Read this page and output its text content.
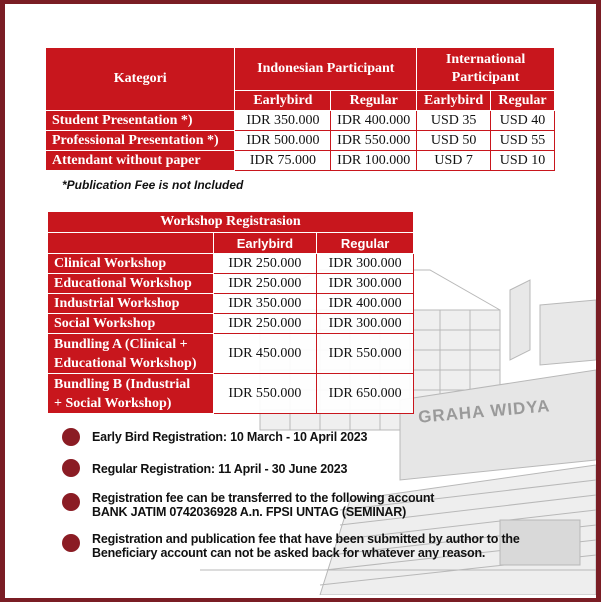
GRAHA WIDYA
Kategori	Indonesian Participant		International
Participant	
	Earlybird	Regular	Earlybird	Regular
Student Presentation *)	IDR 350.000	IDR 400.000	USD 35	USD 40
Professional Presentation *)	IDR 500.000	IDR 550.000	USD 50	USD 55
Attendant without paper	IDR 75.000	IDR 100.000	USD 7	USD 10
*Publication Fee is not Included
Workshop Registrasion		
	Earlybird	Regular
Clinical Workshop	IDR 250.000	IDR 300.000
Educational Workshop	IDR 250.000	IDR 300.000
Industrial Workshop	IDR 350.000	IDR 400.000
Social Workshop	IDR 250.000	IDR 300.000
Bundling A (Clinical +
Educational Workshop)	IDR 450.000	IDR 550.000
Bundling B (Industrial
+ Social Workshop)	IDR 550.000	IDR 650.000
Early Bird Registration: 10 March - 10 April 2023
Regular Registration: 11 April - 30 June 2023
Registration fee can be transferred to the following account
BANK JATIM 0742036928 A.n. FPSI UNTAG (SEMINAR)
Registration and publication fee that have been submitted by author to the
Beneficiary account can not be asked back for whatever any reason.
